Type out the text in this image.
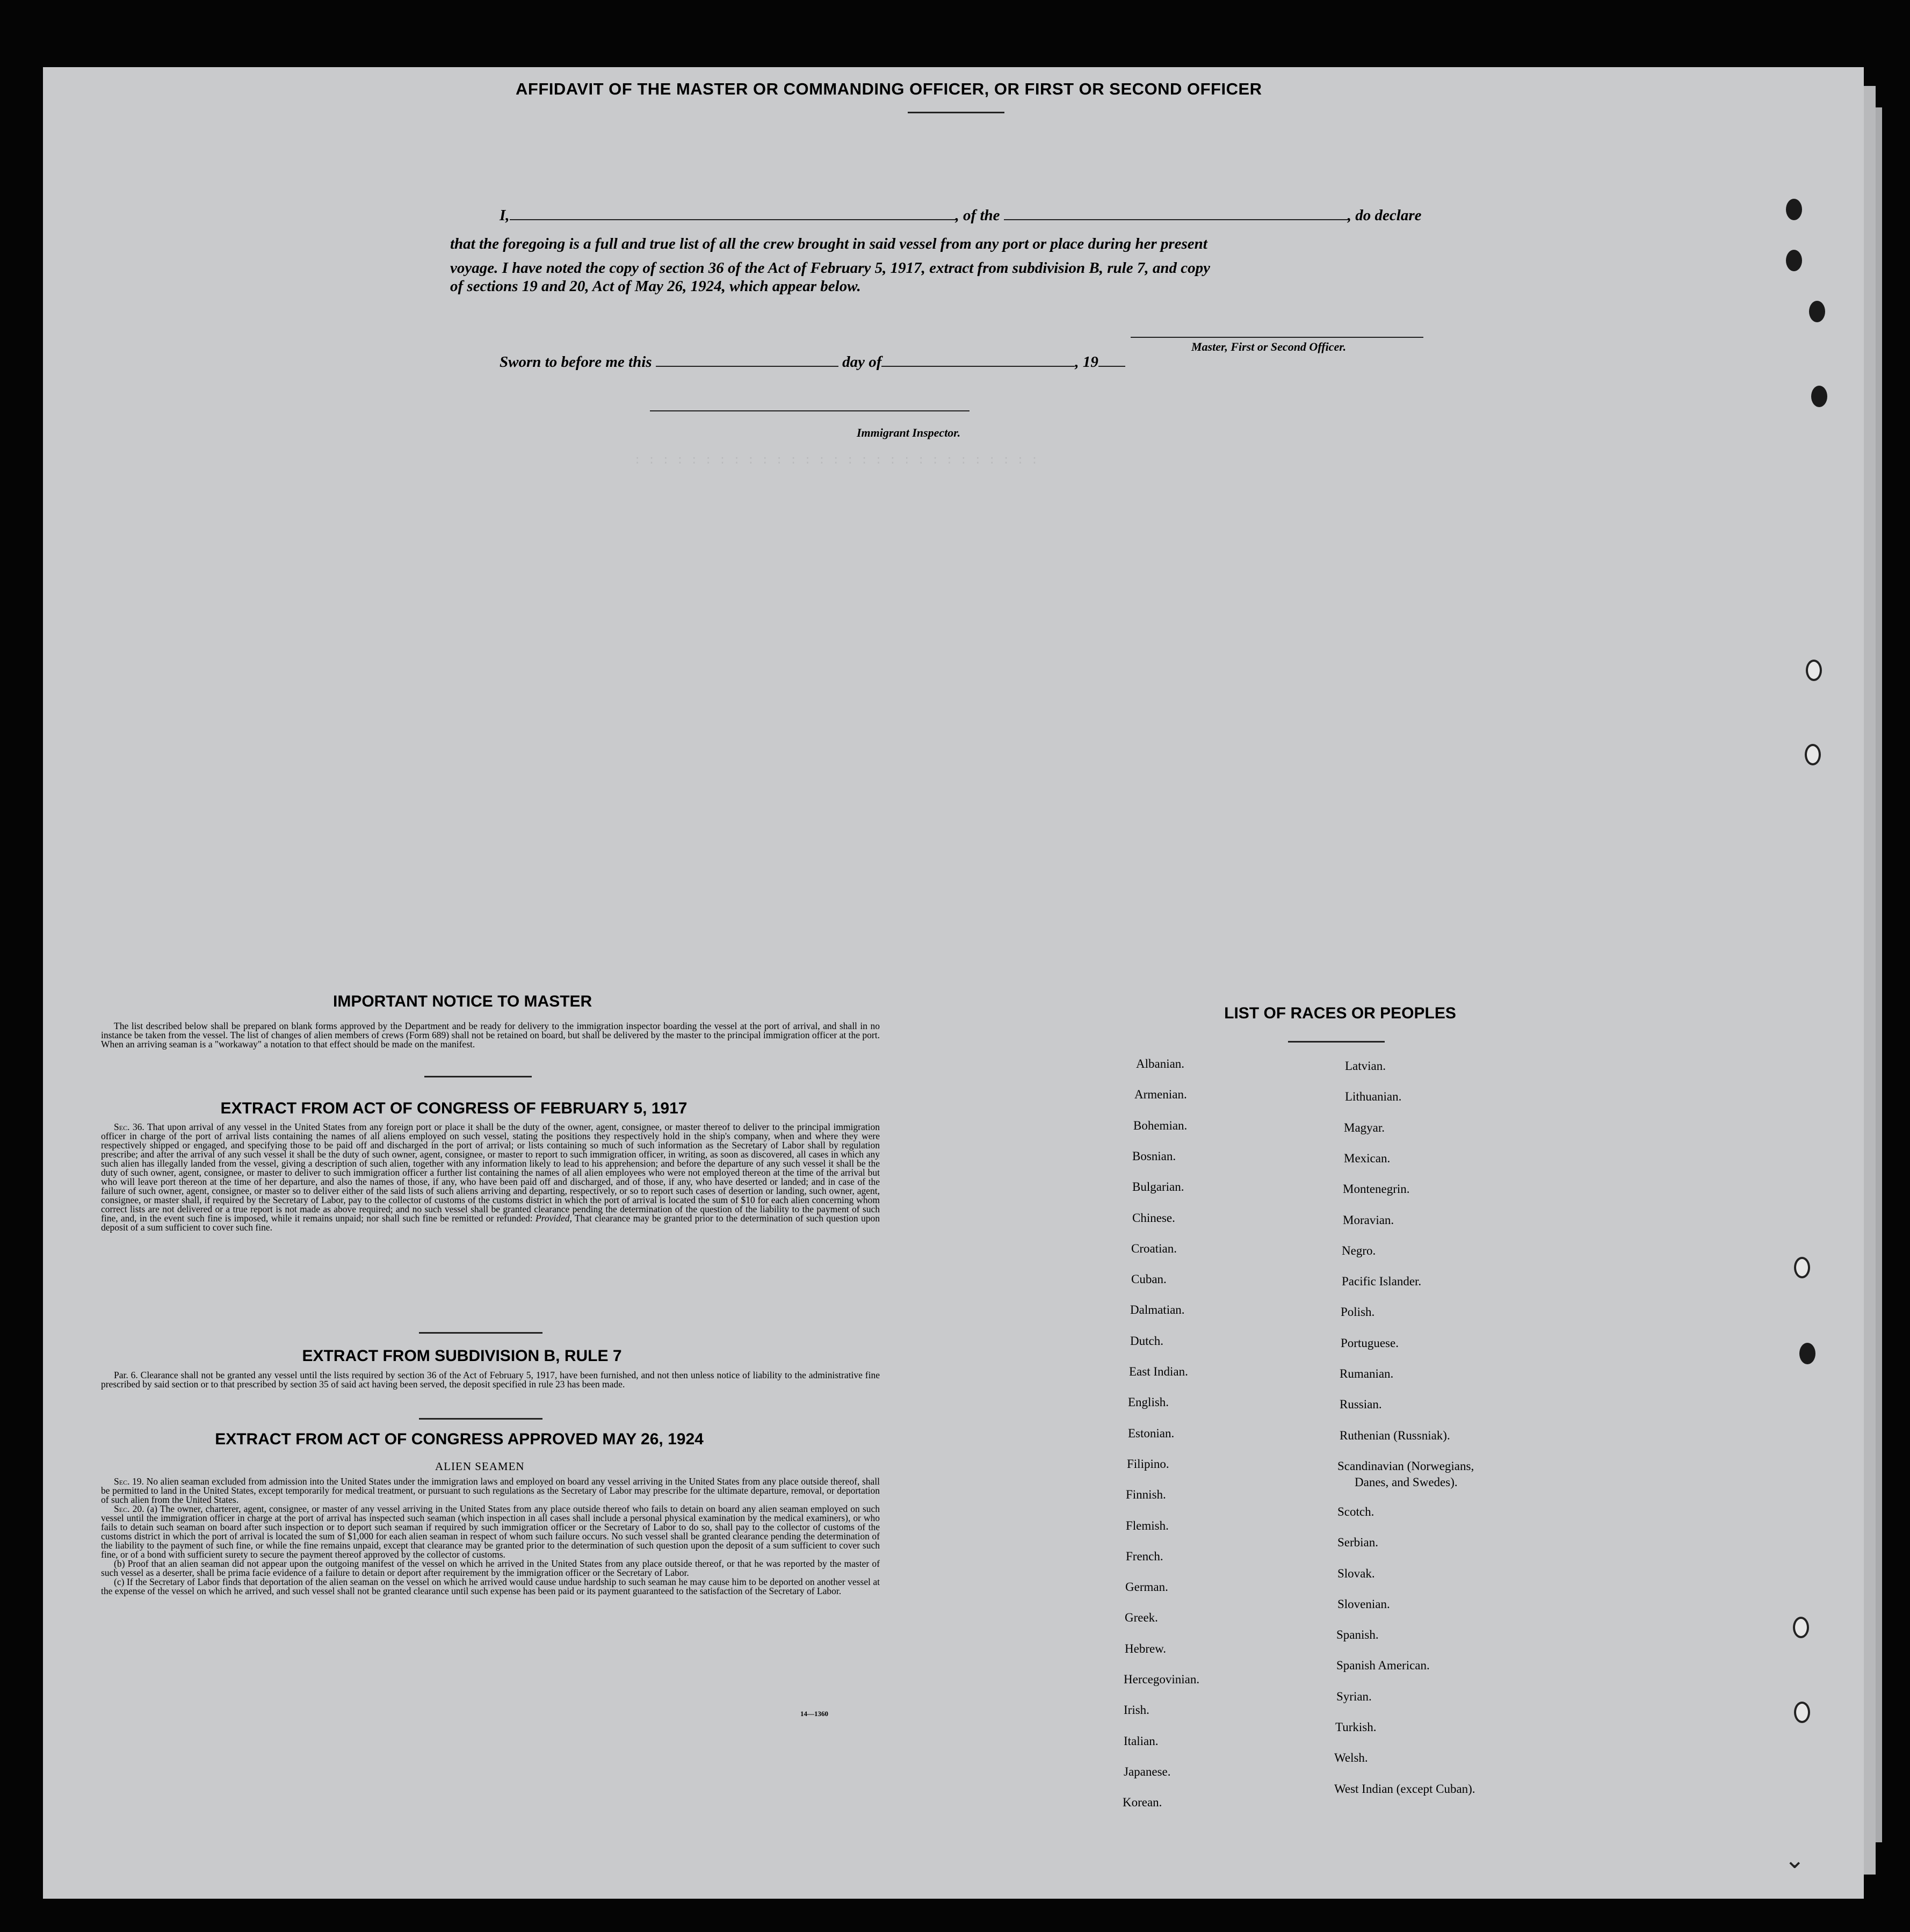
: : : : : : : : : : : : : : : : : : : : : : : : : : : : :
AFFIDAVIT OF THE MASTER OR COMMANDING OFFICER, OR FIRST OR SECOND OFFICER
I,	, of the	, do declare
that the foregoing is a full and true list of all the crew brought in said vessel from any port or place during her present
voyage. I have noted the copy of section 36 of the Act of February 5, 1917, extract from subdivision B, rule 7, and copy
of sections 19 and 20, Act of May 26, 1924, which appear below.
Master, First or Second Officer.
Sworn to before me this	day of	, 19
Immigrant Inspector.
IMPORTANT NOTICE TO MASTER

The list described below shall be prepared on blank forms approved by the Department and be ready for delivery to the immigration inspector boarding the vessel at the port of arrival, and shall in no instance be taken from the vessel. The list of changes of alien members of crews (Form 689) shall not be retained on board, but shall be delivered by the master to the principal immigration officer at the port. When an arriving seaman is a "workaway" a notation to that effect should be made on the manifest.

EXTRACT FROM ACT OF CONGRESS OF FEBRUARY 5, 1917

Sec. 36. That upon arrival of any vessel in the United States from any foreign port or place it shall be the duty of the owner, agent, consignee, or master thereof to deliver to the principal immigration officer in charge of the port of arrival lists containing the names of all aliens employed on such vessel, stating the positions they respectively hold in the ship's company, when and where they were respectively shipped or engaged, and specifying those to be paid off and discharged in the port of arrival; or lists containing so much of such information as the Secretary of Labor shall by regulation prescribe; and after the arrival of any such vessel it shall be the duty of such owner, agent, consignee, or master to report to such immigration officer, in writing, as soon as discovered, all cases in which any such alien has illegally landed from the vessel, giving a description of such alien, together with any information likely to lead to his apprehension; and before the departure of any such vessel it shall be the duty of such owner, agent, consignee, or master to deliver to such immigration officer a further list containing the names of all alien employees who were not employed thereon at the time of the arrival but who will leave port thereon at the time of her departure, and also the names of those, if any, who have been paid off and discharged, and of those, if any, who have deserted or landed; and in case of the failure of such owner, agent, consignee, or master so to deliver either of the said lists of such aliens arriving and departing, respectively, or so to report such cases of desertion or landing, such owner, agent, consignee, or master shall, if required by the Secretary of Labor, pay to the collector of customs of the customs district in which the port of arrival is located the sum of $10 for each alien concerning whom correct lists are not delivered or a true report is not made as above required; and no such vessel shall be granted clearance pending the determination of the question of the liability to the payment of such fine, and, in the event such fine is imposed, while it remains unpaid; nor shall such fine be remitted or refunded: Provided, That clearance may be granted prior to the determination of such question upon deposit of a sum sufficient to cover such fine.

EXTRACT FROM SUBDIVISION B, RULE 7

Par. 6. Clearance shall not be granted any vessel until the lists required by section 36 of the Act of February 5, 1917, have been furnished, and not then unless notice of liability to the administrative fine prescribed by said section or to that prescribed by section 35 of said act having been served, the deposit specified in rule 23 has been made.

EXTRACT FROM ACT OF CONGRESS APPROVED MAY 26, 1924
ALIEN SEAMEN

Sec. 19. No alien seaman excluded from admission into the United States under the immigration laws and employed on board any vessel arriving in the United States from any place outside thereof, shall be permitted to land in the United States, except temporarily for medical treatment, or pursuant to such regulations as the Secretary of Labor may prescribe for the ultimate departure, removal, or deportation of such alien from the United States.

Sec. 20. (a) The owner, charterer, agent, consignee, or master of any vessel arriving in the United States from any place outside thereof who fails to detain on board any alien seaman employed on such vessel until the immigration officer in charge at the port of arrival has inspected such seaman (which inspection in all cases shall include a personal physical examination by the medical examiners), or who fails to detain such seaman on board after such inspection or to deport such seaman if required by such immigration officer or the Secretary of Labor to do so, shall pay to the collector of customs of the customs district in which the port of arrival is located the sum of $1,000 for each alien seaman in respect of whom such failure occurs. No such vessel shall be granted clearance pending the determination of the liability to the payment of such fine, or while the fine remains unpaid, except that clearance may be granted prior to the determination of such question upon the deposit of a sum sufficient to cover such fine, or of a bond with sufficient surety to secure the payment thereof approved by the collector of customs.

(b) Proof that an alien seaman did not appear upon the outgoing manifest of the vessel on which he arrived in the United States from any place outside thereof, or that he was reported by the master of such vessel as a deserter, shall be prima facie evidence of a failure to detain or deport after requirement by the immigration officer or the Secretary of Labor.

(c) If the Secretary of Labor finds that deportation of the alien seaman on the vessel on which he arrived would cause undue hardship to such seaman he may cause him to be deported on another vessel at the expense of the vessel on which he arrived, and such vessel shall not be granted clearance until such expense has been paid or its payment guaranteed to the satisfaction of the Secretary of Labor.

14—1360
LIST OF RACES OR PEOPLES
Albanian.
Armenian.
Bohemian.
Bosnian.
Bulgarian.
Chinese.
Croatian.
Cuban.
Dalmatian.
Dutch.
East Indian.
English.
Estonian.
Filipino.
Finnish.
Flemish.
French.
German.
Greek.
Hebrew.
Hercegovinian.
Irish.
Italian.
Japanese.
Korean.
Latvian.
Lithuanian.
Magyar.
Mexican.
Montenegrin.
Moravian.
Negro.
Pacific Islander.
Polish.
Portuguese.
Rumanian.
Russian.
Ruthenian (Russniak).
Scandinavian (Norwegians,
Danes, and Swedes).
Scotch.
Serbian.
Slovak.
Slovenian.
Spanish.
Spanish American.
Syrian.
Turkish.
Welsh.
West Indian (except Cuban).
⌄
